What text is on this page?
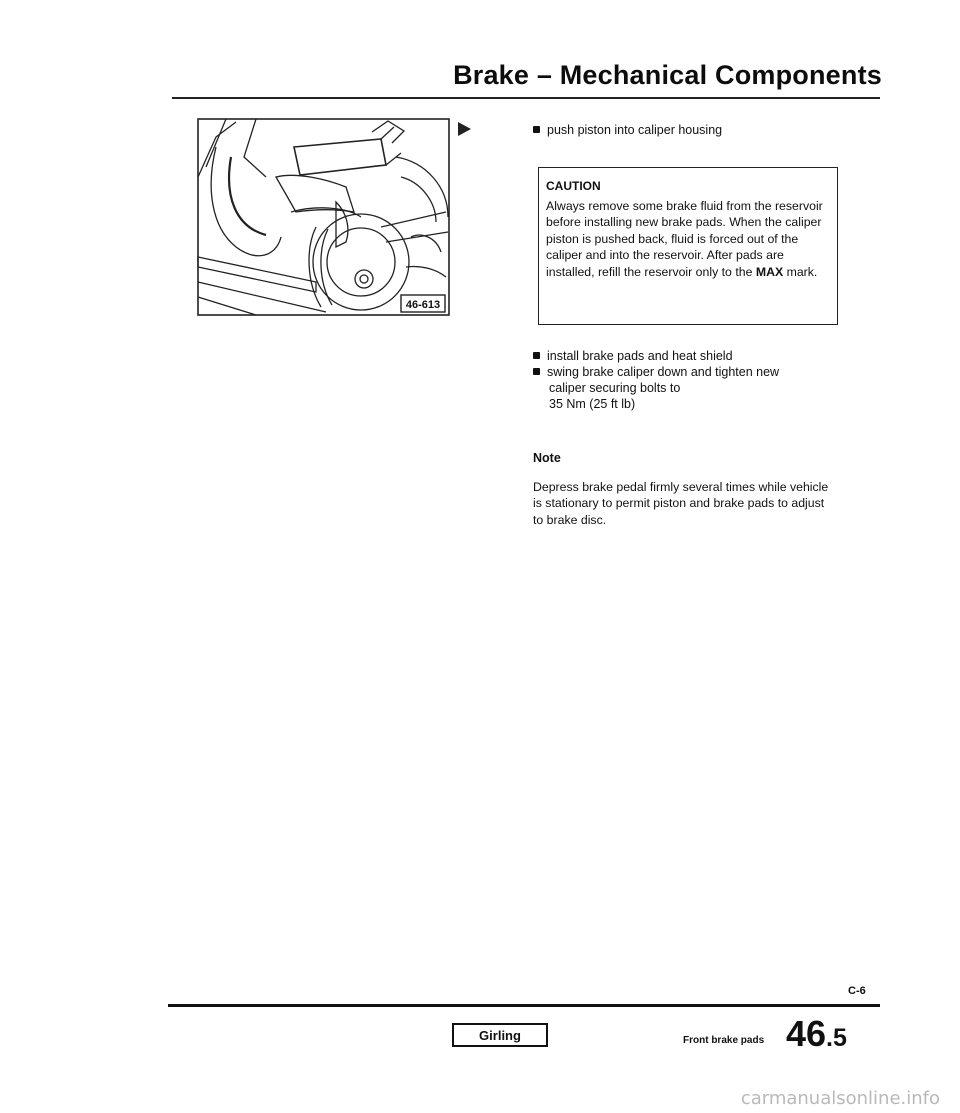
Brake – Mechanical Components
46-613
push piston into caliper housing
CAUTION
Always remove some brake fluid from the reservoir before installing new brake pads. When the caliper piston is pushed back, fluid is forced out of the caliper and into the reservoir. After pads are installed, refill the reservoir only to the MAX mark.
install brake pads and heat shield
swing brake caliper down and tighten new
caliper securing bolts to
35 Nm (25 ft lb)
Note
Depress brake pedal firmly several times while vehicle is stationary to permit piston and brake pads to adjust to brake disc.
C-6
Girling	Front brake pads 46.5
carmanualsonline.info
